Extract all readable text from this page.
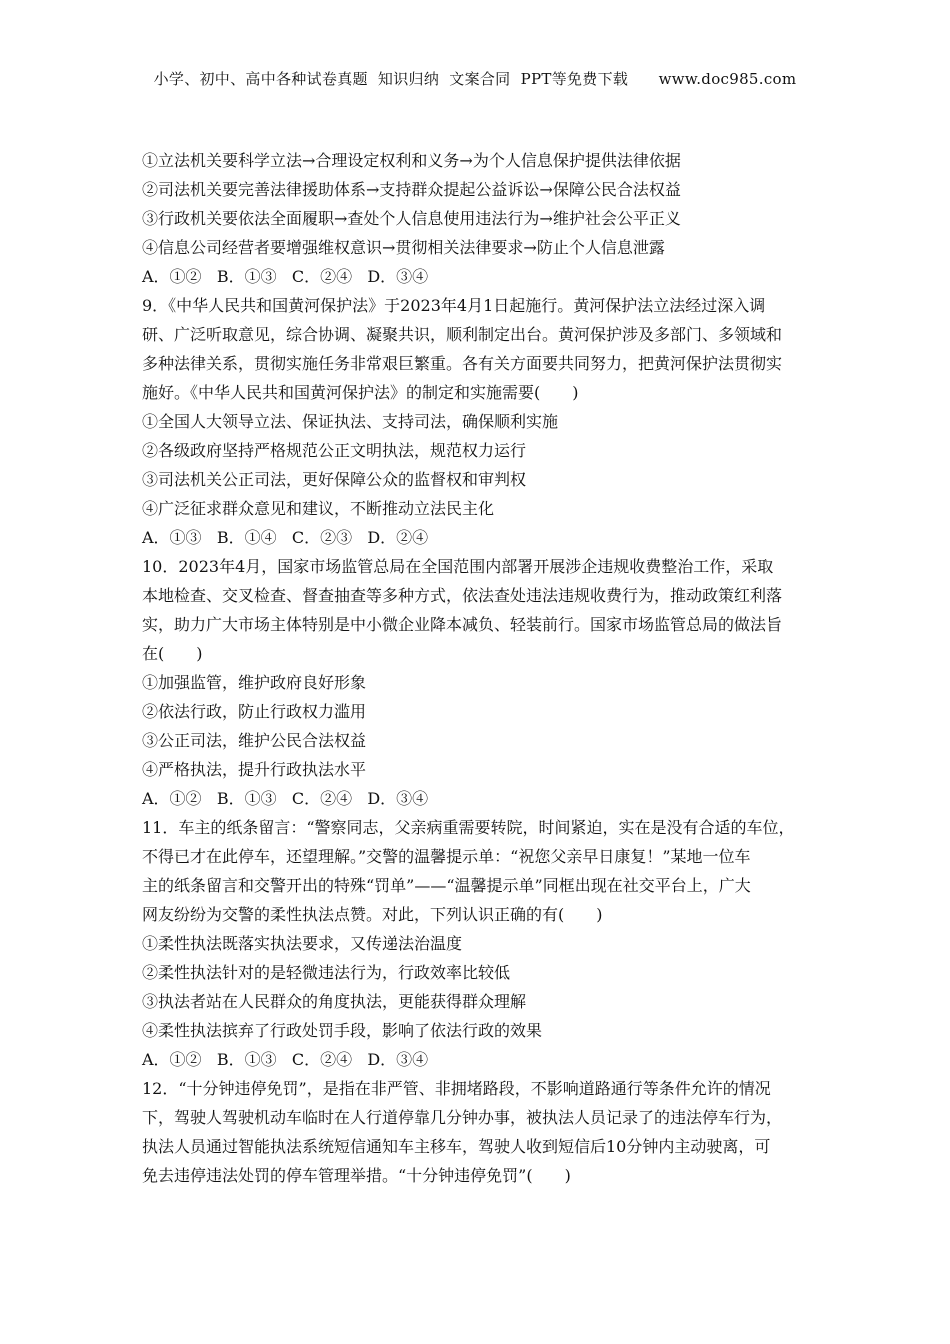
小学、初中、高中各种试卷真题  知识归纳  文案合同  PPT等免费下载      www.doc985.com
①立法机关要科学立法→合理设定权利和义务→为个人信息保护提供法律依据
②司法机关要完善法律援助体系→支持群众提起公益诉讼→保障公民合法权益
③行政机关要依法全面履职→查处个人信息使用违法行为→维护社会公平正义
④信息公司经营者要增强维权意识→贯彻相关法律要求→防止个人信息泄露
A．①②   B．①③   C．②④   D．③④
9．《中华人民共和国黄河保护法》于2023年4月1日起施行。黄河保护法立法经过深入调
研、广泛听取意见，综合协调、凝聚共识，顺利制定出台。黄河保护涉及多部门、多领域和
多种法律关系，贯彻实施任务非常艰巨繁重。各有关方面要共同努力，把黄河保护法贯彻实
施好。《中华人民共和国黄河保护法》的制定和实施需要(　　)
①全国人大领导立法、保证执法、支持司法，确保顺利实施
②各级政府坚持严格规范公正文明执法，规范权力运行
③司法机关公正司法，更好保障公众的监督权和审判权
④广泛征求群众意见和建议，不断推动立法民主化
A．①③   B．①④   C．②③   D．②④
10．2023年4月，国家市场监管总局在全国范围内部署开展涉企违规收费整治工作，采取
本地检查、交叉检查、督查抽查等多种方式，依法查处违法违规收费行为，推动政策红利落
实，助力广大市场主体特别是中小微企业降本减负、轻装前行。国家市场监管总局的做法旨
在(　　)
①加强监管，维护政府良好形象
②依法行政，防止行政权力滥用
③公正司法，维护公民合法权益
④严格执法，提升行政执法水平
A．①②   B．①③   C．②④   D．③④
11．车主的纸条留言：“警察同志，父亲病重需要转院，时间紧迫，实在是没有合适的车位，
不得已才在此停车，还望理解。”交警的温馨提示单：“祝您父亲早日康复！”某地一位车
主的纸条留言和交警开出的特殊“罚单”——“温馨提示单”同框出现在社交平台上，广大
网友纷纷为交警的柔性执法点赞。对此，下列认识正确的有(　　)
①柔性执法既落实执法要求，又传递法治温度
②柔性执法针对的是轻微违法行为，行政效率比较低
③执法者站在人民群众的角度执法，更能获得群众理解
④柔性执法摈弃了行政处罚手段，影响了依法行政的效果
A．①②   B．①③   C．②④   D．③④
12．“十分钟违停免罚”，是指在非严管、非拥堵路段，不影响道路通行等条件允许的情况
下，驾驶人驾驶机动车临时在人行道停靠几分钟办事，被执法人员记录了的违法停车行为，
执法人员通过智能执法系统短信通知车主移车，驾驶人收到短信后10分钟内主动驶离，可
免去违停违法处罚的停车管理举措。“十分钟违停免罚”(　　)
